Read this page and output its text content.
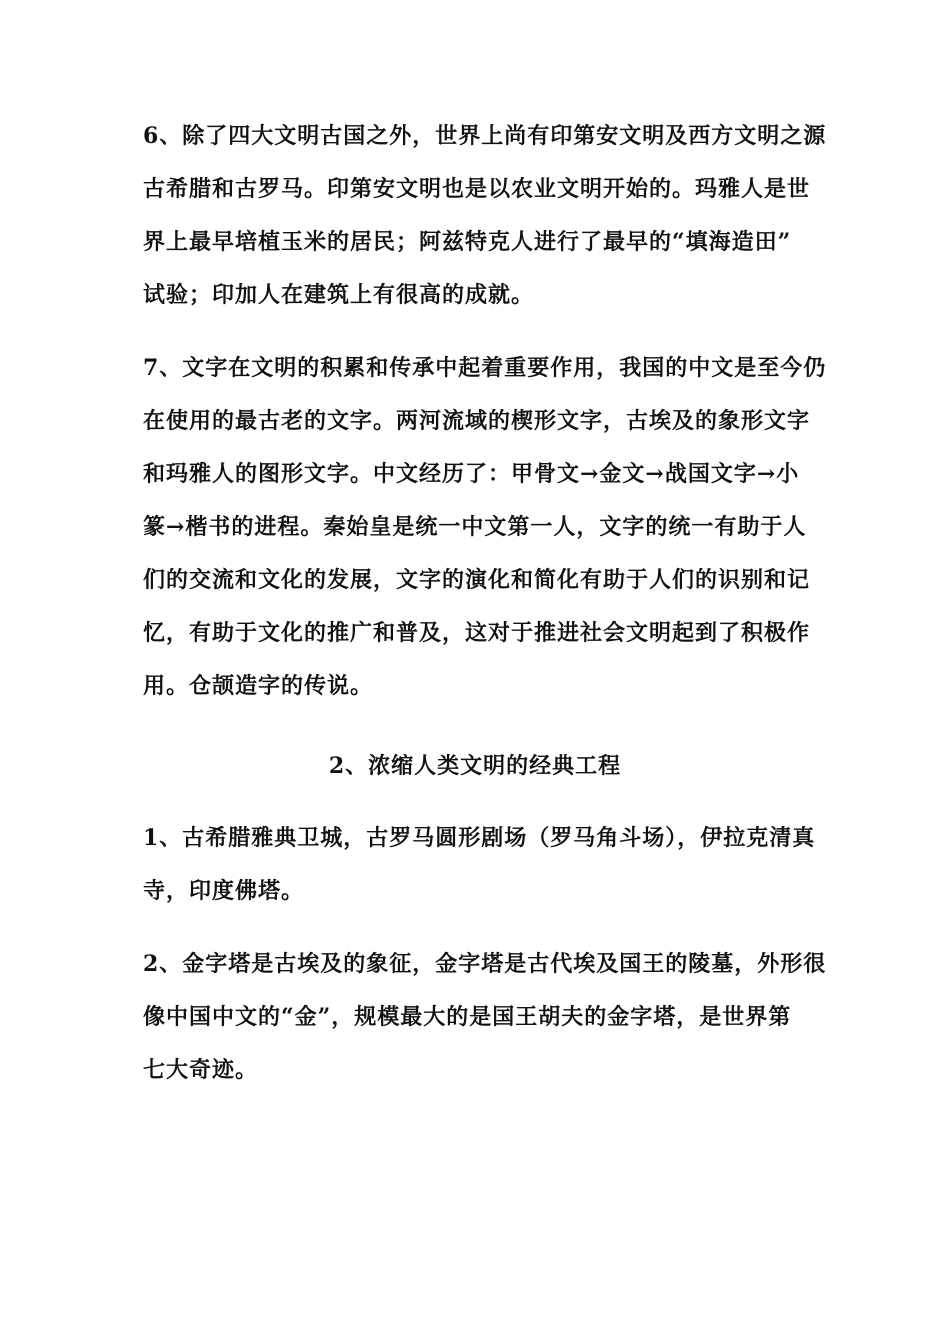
6、除了四大文明古国之外，世界上尚有印第安文明及西方文明之源
古希腊和古罗马。印第安文明也是以农业文明开始的。玛雅人是世
界上最早培植玉米的居民；阿兹特克人进行了最早的“填海造田”
试验；印加人在建筑上有很高的成就。
7、文字在文明的积累和传承中起着重要作用，我国的中文是至今仍
在使用的最古老的文字。两河流域的楔形文字，古埃及的象形文字
和玛雅人的图形文字。中文经历了：甲骨文→金文→战国文字→小
篆→楷书的进程。秦始皇是统一中文第一人，文字的统一有助于人
们的交流和文化的发展，文字的演化和简化有助于人们的识别和记
忆，有助于文化的推广和普及，这对于推进社会文明起到了积极作
用。仓颉造字的传说。
2、浓缩人类文明的经典工程
1、古希腊雅典卫城，古罗马圆形剧场（罗马角斗场），伊拉克清真
寺，印度佛塔。
2、金字塔是古埃及的象征，金字塔是古代埃及国王的陵墓，外形很
像中国中文的“金”，规模最大的是国王胡夫的金字塔，是世界第
七大奇迹。
